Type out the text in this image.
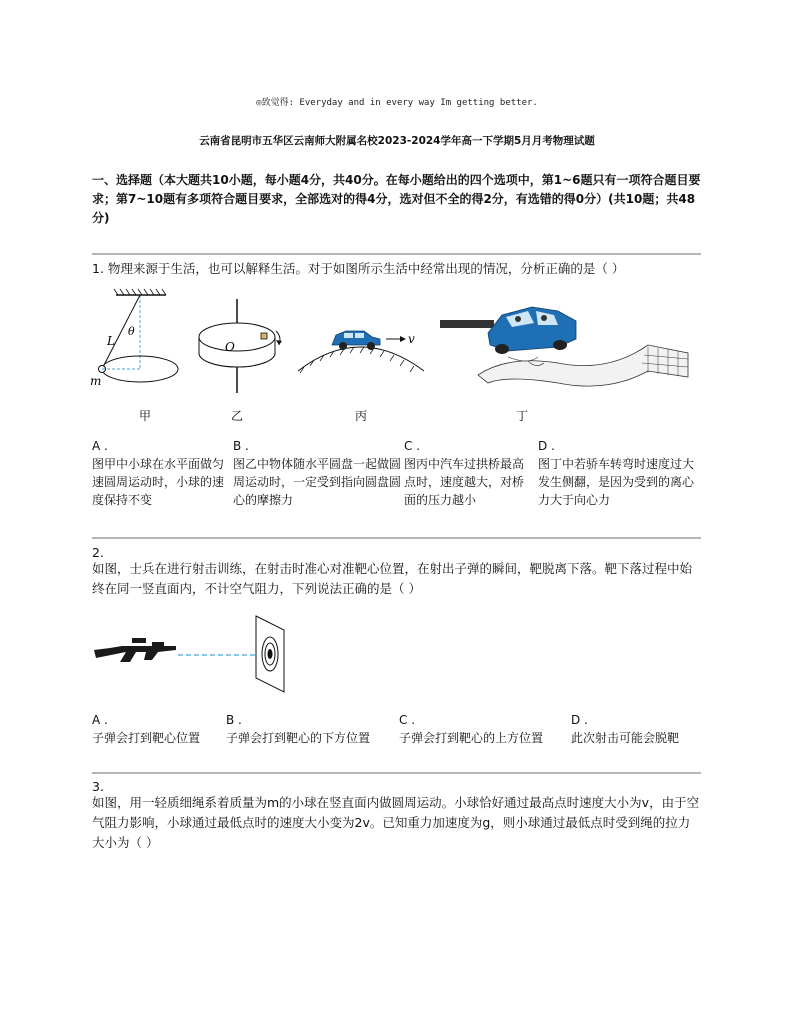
◎致觉得: Everyday and in every way Im getting better.
云南省昆明市五华区云南师大附属名校2023-2024学年高一下学期5月月考物理试题
一、选择题（本大题共10小题，每小题4分，共40分。在每小题给出的四个选项中，第1~6题只有一项符合题目要求；第7~10题有多项符合题目要求，全部选对的得4分，选对但不全的得2分，有选错的得0分）(共10题；共48分)
1. 物理来源于生活，也可以解释生活。对于如图所示生活中经常出现的情况，分析正确的是（ ）
L
θ
m
O
v
甲	乙	丙	丁
A .
图甲中小球在水平面做匀速圆周运动时，小球的速度保持不变
B .
图乙中物体随水平圆盘一起做圆周运动时，一定受到指向圆盘圆心的摩擦力
C .
图丙中汽车过拱桥最高点时，速度越大，对桥面的压力越小
D .
图丁中若骄车转弯时速度过大发生侧翻，是因为受到的离心力大于向心力
2.
如图，士兵在进行射击训练，在射击时准心对准靶心位置，在射出子弹的瞬间，靶脱离下落。靶下落过程中始终在同一竖直面内，不计空气阻力，下列说法正确的是（ ）
A .
子弹会打到靶心位置
B .
子弹会打到靶心的下方位置
C .
子弹会打到靶心的上方位置
D .
此次射击可能会脱靶
3.
如图，用一轻质细绳系着质量为m的小球在竖直面内做圆周运动。小球恰好通过最高点时速度大小为v，由于空气阻力影响，小球通过最低点时的速度大小变为2v。已知重力加速度为g，则小球通过最低点时受到绳的拉力大小为（ ）
